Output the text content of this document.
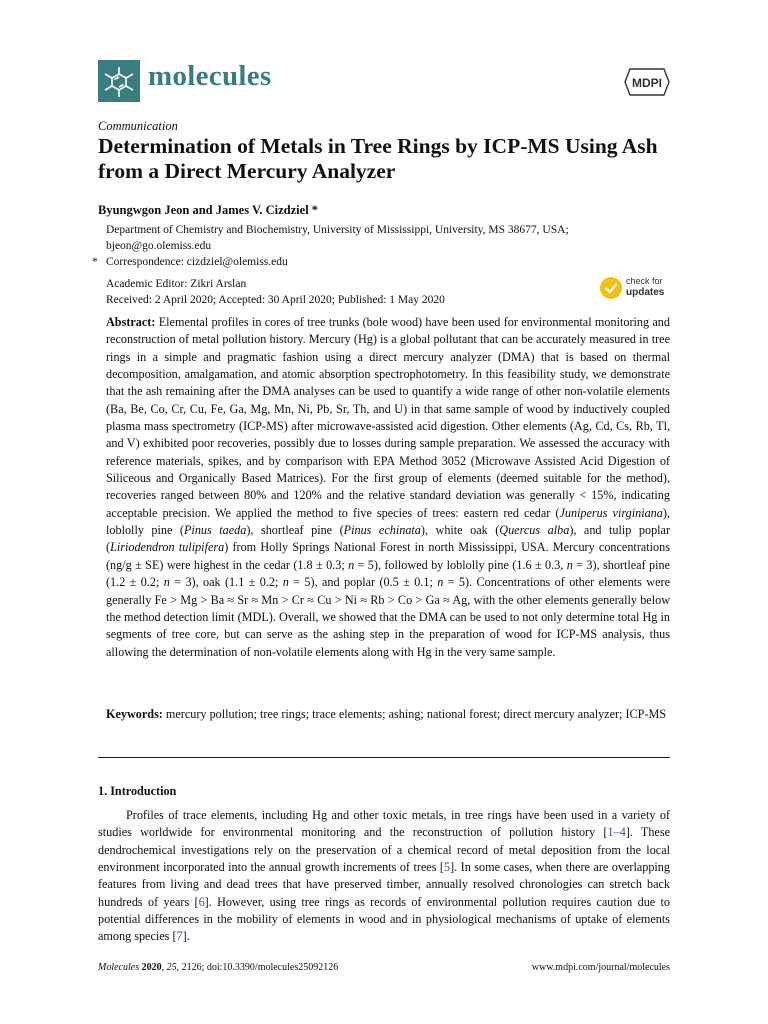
molecules	MDPI
Communication
Determination of Metals in Tree Rings by ICP-MS Using Ash from a Direct Mercury Analyzer
Byungwgon Jeon and James V. Cizdziel *
Department of Chemistry and Biochemistry, University of Mississippi, University, MS 38677, USA;
bjeon@go.olemiss.edu
* Correspondence: cizdziel@olemiss.edu
Academic Editor: Zikri Arslan
Received: 2 April 2020; Accepted: 30 April 2020; Published: 1 May 2020
check for
updates
Abstract: Elemental profiles in cores of tree trunks (bole wood) have been used for environmental monitoring and reconstruction of metal pollution history. Mercury (Hg) is a global pollutant that can be accurately measured in tree rings in a simple and pragmatic fashion using a direct mercury analyzer (DMA) that is based on thermal decomposition, amalgamation, and atomic absorption spectrophotometry. In this feasibility study, we demonstrate that the ash remaining after the DMA analyses can be used to quantify a wide range of other non-volatile elements (Ba, Be, Co, Cr, Cu, Fe, Ga, Mg, Mn, Ni, Pb, Sr, Th, and U) in that same sample of wood by inductively coupled plasma mass spectrometry (ICP-MS) after microwave-assisted acid digestion. Other elements (Ag, Cd, Cs, Rb, Tl, and V) exhibited poor recoveries, possibly due to losses during sample preparation. We assessed the accuracy with reference materials, spikes, and by comparison with EPA Method 3052 (Microwave Assisted Acid Digestion of Siliceous and Organically Based Matrices). For the first group of elements (deemed suitable for the method), recoveries ranged between 80% and 120% and the relative standard deviation was generally < 15%, indicating acceptable precision. We applied the method to five species of trees: eastern red cedar (Juniperus virginiana), loblolly pine (Pinus taeda), shortleaf pine (Pinus echinata), white oak (Quercus alba), and tulip poplar (Liriodendron tulipifera) from Holly Springs National Forest in north Mississippi, USA. Mercury concentrations (ng/g ± SE) were highest in the cedar (1.8 ± 0.3; n = 5), followed by loblolly pine (1.6 ± 0.3, n = 3), shortleaf pine (1.2 ± 0.2; n = 3), oak (1.1 ± 0.2; n = 5), and poplar (0.5 ± 0.1; n = 5). Concentrations of other elements were generally Fe > Mg > Ba ≈ Sr ≈ Mn > Cr ≈ Cu > Ni ≈ Rb > Co > Ga ≈ Ag, with the other elements generally below the method detection limit (MDL). Overall, we showed that the DMA can be used to not only determine total Hg in segments of tree core, but can serve as the ashing step in the preparation of wood for ICP-MS analysis, thus allowing the determination of non-volatile elements along with Hg in the very same sample.
Keywords: mercury pollution; tree rings; trace elements; ashing; national forest; direct mercury analyzer; ICP-MS
1. Introduction
Profiles of trace elements, including Hg and other toxic metals, in tree rings have been used in a variety of studies worldwide for environmental monitoring and the reconstruction of pollution history [1–4]. These dendrochemical investigations rely on the preservation of a chemical record of metal deposition from the local environment incorporated into the annual growth increments of trees [5]. In some cases, when there are overlapping features from living and dead trees that have preserved timber, annually resolved chronologies can stretch back hundreds of years [6]. However, using tree rings as records of environmental pollution requires caution due to potential differences in the mobility of elements in wood and in physiological mechanisms of uptake of elements among species [7].
Molecules 2020, 25, 2126; doi:10.3390/molecules25092126	www.mdpi.com/journal/molecules
